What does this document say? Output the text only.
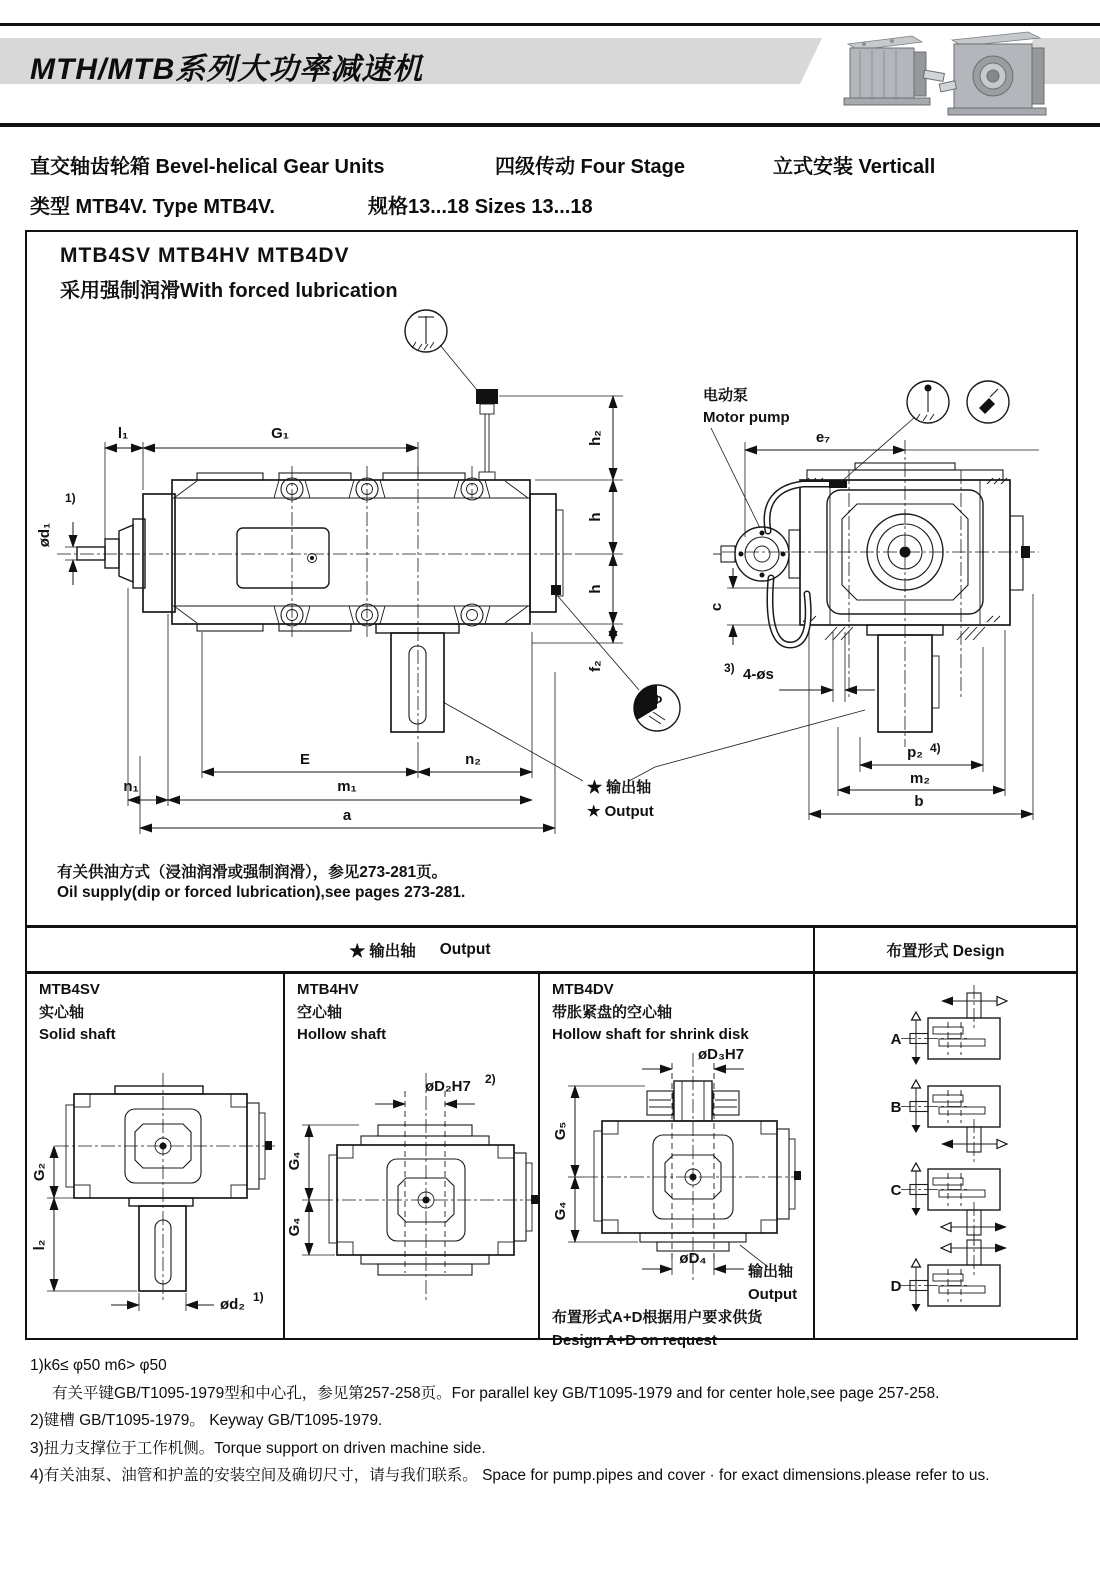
MTH/MTB系列大功率减速机
直交轴齿轮箱 Bevel-helical Gear Units	四级传动 Four Stage	立式安装 Verticall
类型 MTB4V. Type MTB4V.	规格13...18 Sizes 13...18
MTB4SV MTB4HV MTB4DV
采用强制润滑With forced lubrication
l₁	G₁
ød₁
1)
h₂
h
h
f₂
E	n₂
n₁	m₁
a
Φ
★ 输出轴
★ Output
电动泵
Motor pump
e₇
c
3) 4-øs
p₂ 4)
m₂
b
有关供油方式（浸油润滑或强制润滑），参见273-281页。
Oil supply(dip or forced lubrication),see pages 273-281.
★ 输出轴 Output	布置形式 Design
G₂
l₂
ød₂ 1)
MTB4SV
实心轴
Solid shaft
øD₂H7 2)
G₄
G₄
MTB4HV
空心轴
Hollow shaft
øD₃H7
G₅
G₄
øD₄
输出轴
Output
MTB4DV
带胀紧盘的空心轴
Hollow shaft for shrink disk
布置形式A+D根据用户要求供货
Design A+D on request
A
B
C
D
1)k6≤ φ50 m6> φ50
有关平键GB/T1095-1979型和中心孔，参见第257-258页。For parallel key GB/T1095-1979 and for center hole,see page 257-258.
2)键槽 GB/T1095-1979。 Keyway GB/T1095-1979.
3)扭力支撑位于工作机侧。Torque support on driven machine side.
4)有关油泵、油管和护盖的安装空间及确切尺寸，请与我们联系。 Space for pump.pipes and cover · for exact dimensions.please refer to us.
